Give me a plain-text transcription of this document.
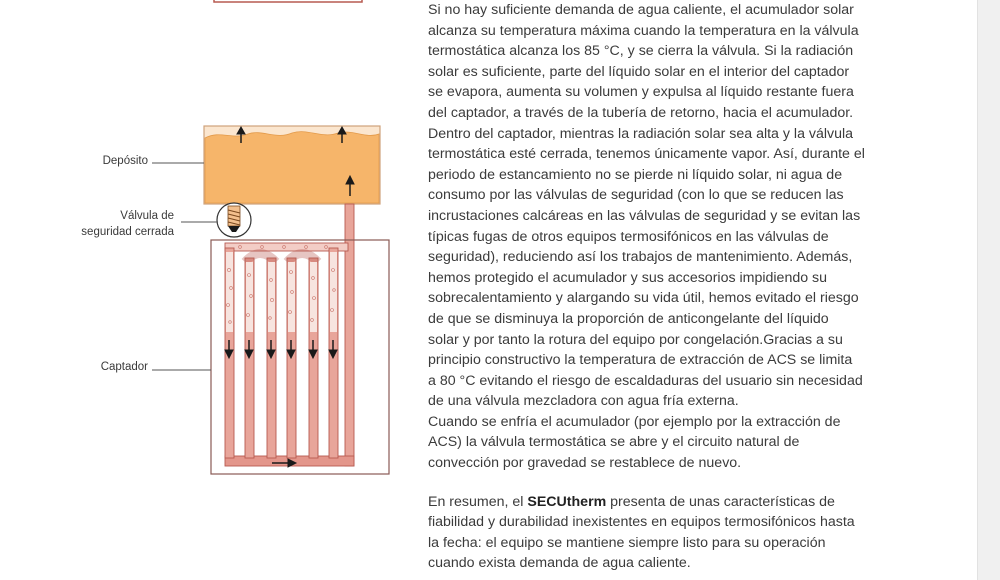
Depósito
Válvula de
seguridad cerrada
Captador

Si no hay suficiente demanda de agua caliente, el acumulador solar
alcanza su temperatura máxima cuando la temperatura en la válvula
termostática alcanza los 85 °C, y se cierra la válvula. Si la radiación
solar es suficiente, parte del líquido solar en el interior del captador
se evapora, aumenta su volumen y expulsa al líquido restante fuera
del captador, a través de la tubería de retorno, hacia el acumulador.
Dentro del captador, mientras la radiación solar sea alta y la válvula
termostática esté cerrada, tenemos únicamente vapor. Así, durante el
periodo de estancamiento no se pierde ni líquido solar, ni agua de
consumo por las válvulas de seguridad (con lo que se reducen las
incrustaciones calcáreas en las válvulas de seguridad y se evitan las
típicas fugas de otros equipos termosifónicos en las válvulas de
seguridad), reduciendo así los trabajos de mantenimiento. Además,
hemos protegido el acumulador y sus accesorios impidiendo su
sobrecalentamiento y alargando su vida útil, hemos evitado el riesgo
de que se disminuya la proporción de anticongelante del líquido
solar y por tanto la rotura del equipo por congelación.Gracias a su
principio constructivo la temperatura de extracción de ACS se limita
a 80 °C evitando el riesgo de escaldaduras del usuario sin necesidad
de una válvula mezcladora con agua fría externa.
Cuando se enfría el acumulador (por ejemplo por la extracción de
ACS) la válvula termostática se abre y el circuito natural de
convección por gravedad se restablece de nuevo.

En resumen, el SECUtherm presenta de unas características de
fiabilidad y durabilidad inexistentes en equipos termosifónicos hasta
la fecha: el equipo se mantiene siempre listo para su operación
cuando exista demanda de agua caliente.
